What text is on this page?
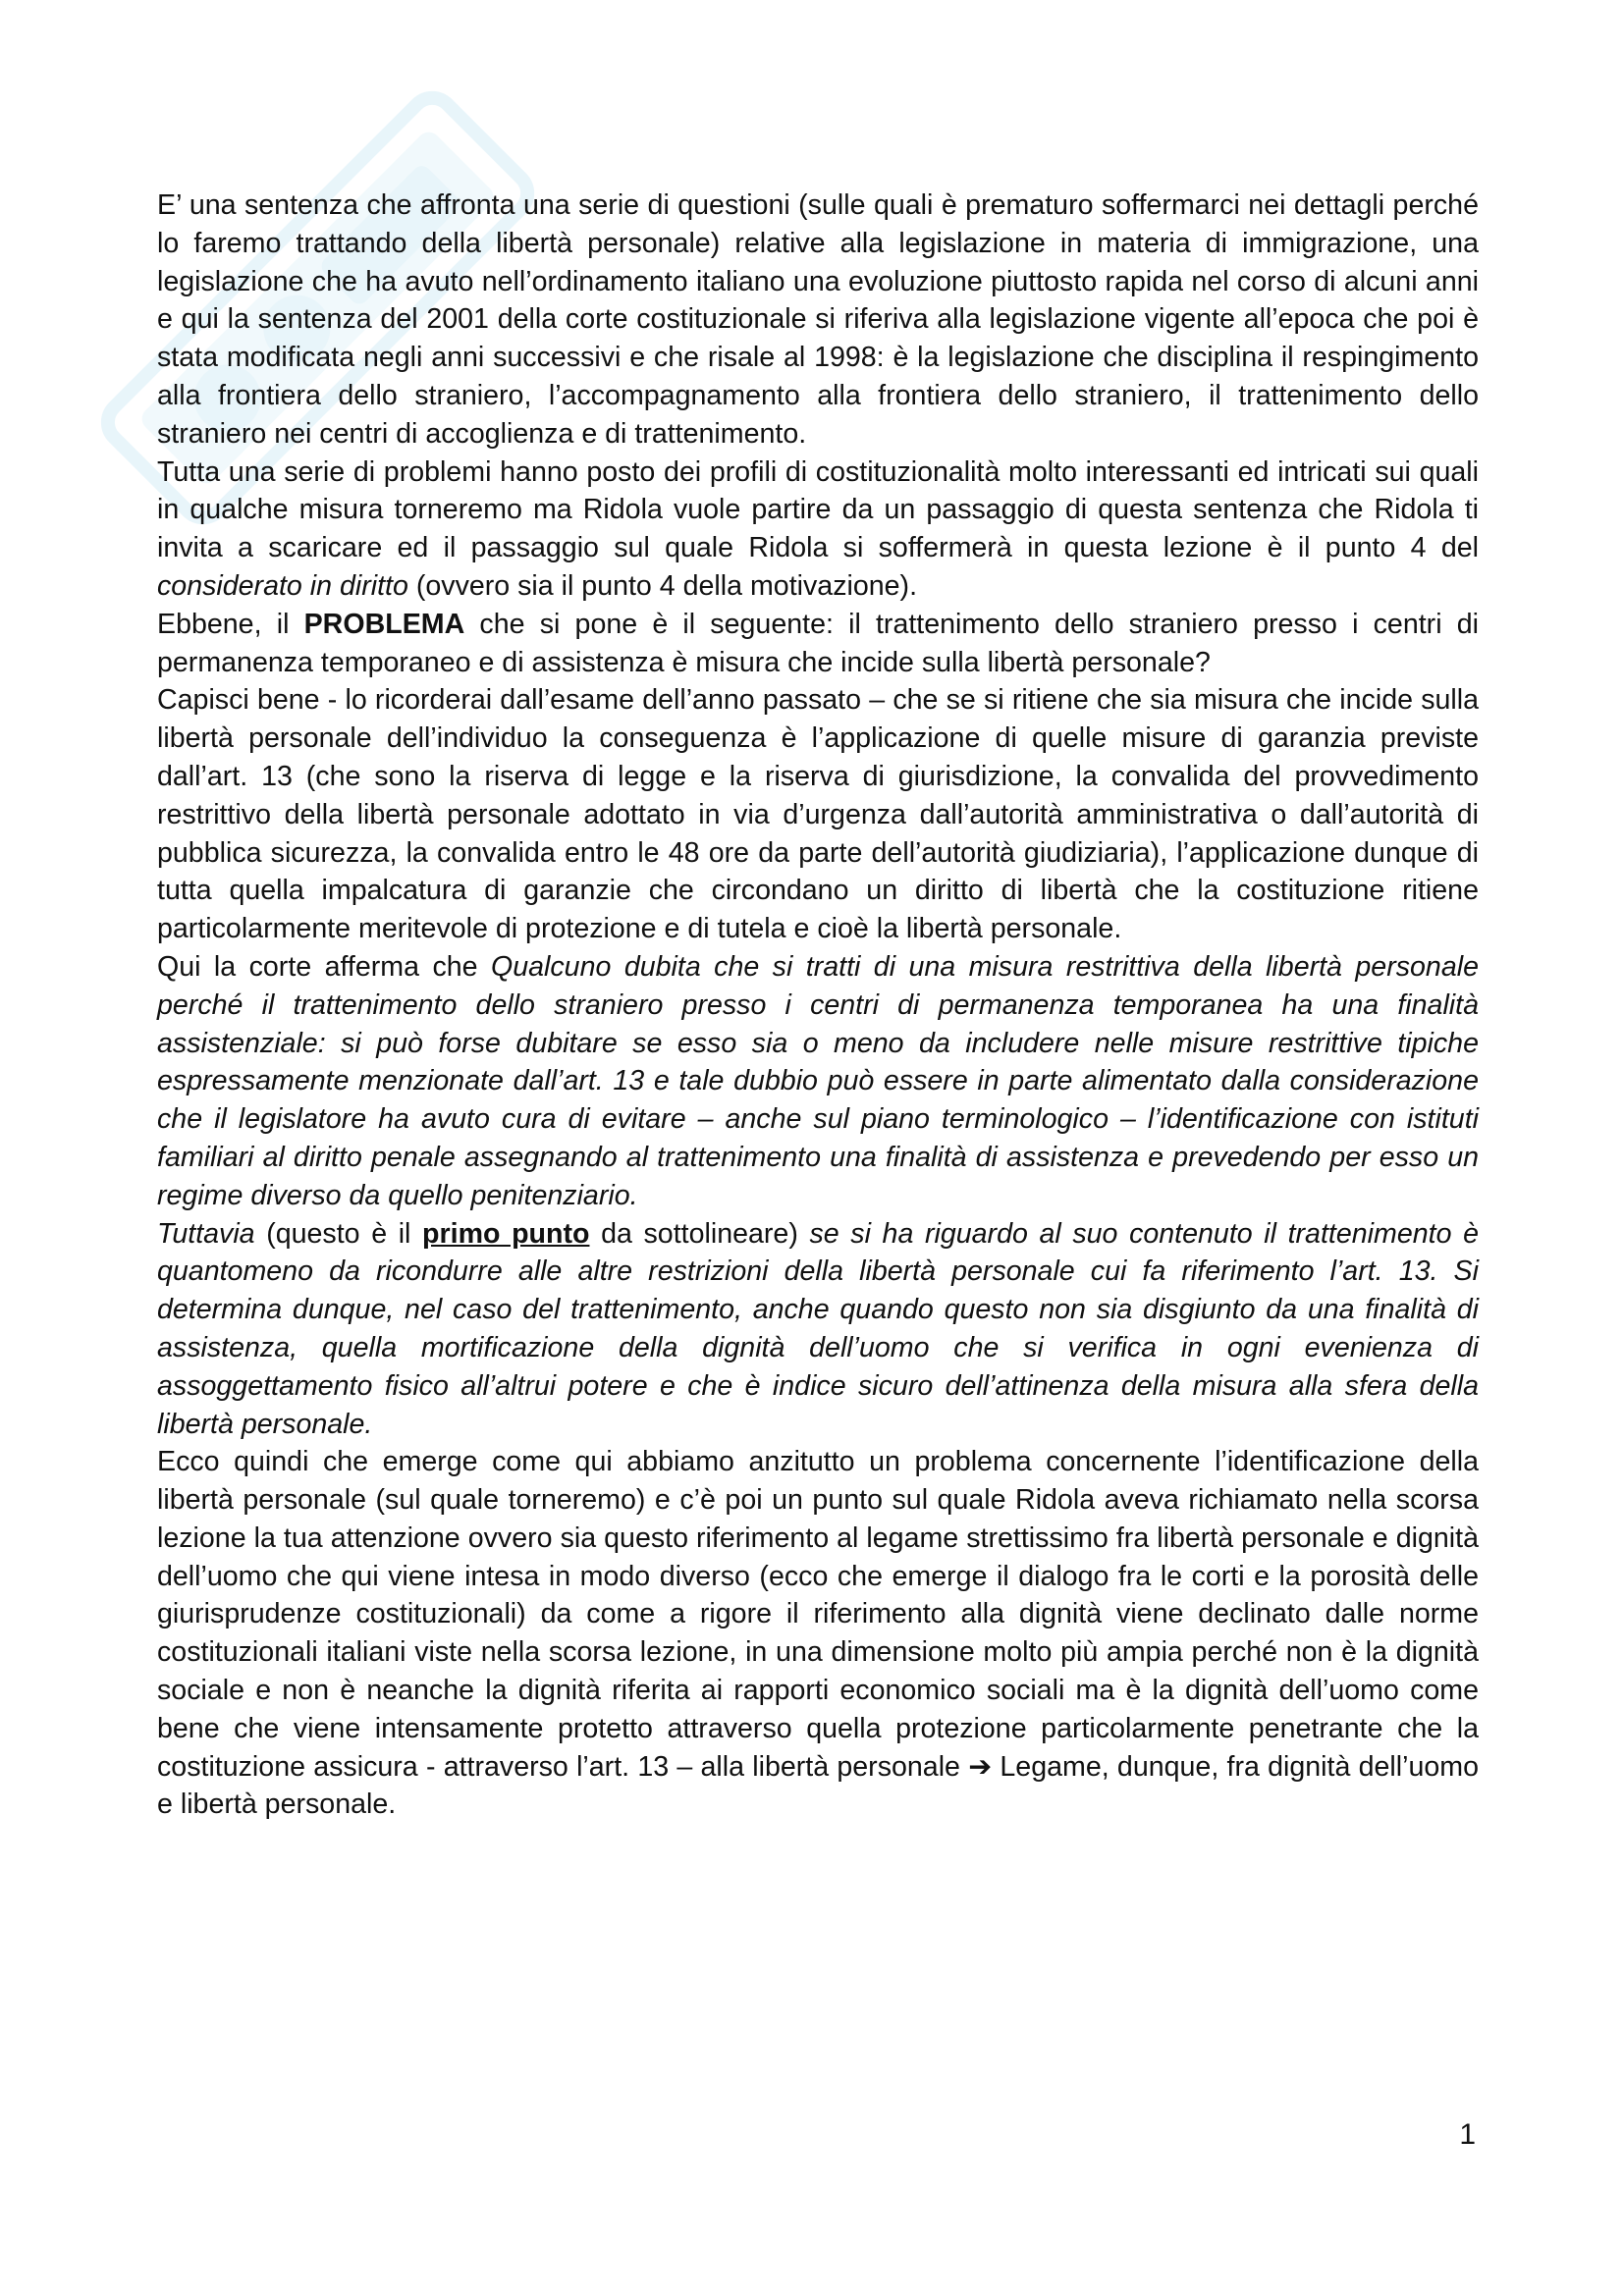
E’ una sentenza che affronta una serie di questioni (sulle quali è prematuro soffermarci nei dettagli perché lo faremo trattando della libertà personale) relative alla legislazione in materia di immigrazione, una legislazione che ha avuto nell’ordinamento italiano una evoluzione piuttosto rapida nel corso di alcuni anni e qui la sentenza del 2001 della corte costituzionale si riferiva alla legislazione vigente all’epoca che poi è stata modificata negli anni successivi e che risale al 1998: è la legislazione che disciplina il respingimento alla frontiera dello straniero, l’accompagnamento alla frontiera dello straniero, il trattenimento dello straniero nei centri di accoglienza e di trattenimento.

Tutta una serie di problemi hanno posto dei profili di costituzionalità molto interessanti ed intricati sui quali in qualche misura torneremo ma Ridola vuole partire da un passaggio di questa sentenza che Ridola ti invita a scaricare ed il passaggio sul quale Ridola si soffermerà in questa lezione è il punto 4 del considerato in diritto (ovvero sia il punto 4 della motivazione).

Ebbene, il PROBLEMA che si pone è il seguente: il trattenimento dello straniero presso i centri di permanenza temporaneo e di assistenza è misura che incide sulla libertà personale?

Capisci bene - lo ricorderai dall’esame dell’anno passato – che se si ritiene che sia misura che incide sulla libertà personale dell’individuo la conseguenza è l’applicazione di quelle misure di garanzia previste dall’art. 13 (che sono la riserva di legge e la riserva di giurisdizione, la convalida del provvedimento restrittivo della libertà personale adottato in via d’urgenza dall’autorità amministrativa o dall’autorità di pubblica sicurezza, la convalida entro le 48 ore da parte dell’autorità giudiziaria), l’applicazione dunque di tutta quella impalcatura di garanzie che circondano un diritto di libertà che la costituzione ritiene particolarmente meritevole di protezione e di tutela e cioè la libertà personale.

Qui la corte afferma che Qualcuno dubita che si tratti di una misura restrittiva della libertà personale perché il trattenimento dello straniero presso i centri di permanenza temporanea ha una finalità assistenziale: si può forse dubitare se esso sia o meno da includere nelle misure restrittive tipiche espressamente menzionate dall’art. 13 e tale dubbio può essere in parte alimentato dalla considerazione che il legislatore ha avuto cura di evitare – anche sul piano terminologico – l’identificazione con istituti familiari al diritto penale assegnando al trattenimento una finalità di assistenza e prevedendo per esso un regime diverso da quello penitenziario.

Tuttavia (questo è il primo punto da sottolineare) se si ha riguardo al suo contenuto il trattenimento è quantomeno da ricondurre alle altre restrizioni della libertà personale cui fa riferimento l’art. 13. Si determina dunque, nel caso del trattenimento, anche quando questo non sia disgiunto da una finalità di assistenza, quella mortificazione della dignità dell’uomo che si verifica in ogni evenienza di assoggettamento fisico all’altrui potere e che è indice sicuro dell’attinenza della misura alla sfera della libertà personale.

Ecco quindi che emerge come qui abbiamo anzitutto un problema concernente l’identificazione della libertà personale (sul quale torneremo) e c’è poi un punto sul quale Ridola aveva richiamato nella scorsa lezione la tua attenzione ovvero sia questo riferimento al legame strettissimo fra libertà personale e dignità dell’uomo che qui viene intesa in modo diverso (ecco che emerge il dialogo fra le corti e la porosità delle giurisprudenze costituzionali) da come a rigore il riferimento alla dignità viene declinato dalle norme costituzionali italiani viste nella scorsa lezione, in una dimensione molto più ampia perché non è la dignità sociale e non è neanche la dignità riferita ai rapporti economico sociali ma è la dignità dell’uomo come bene che viene intensamente protetto attraverso quella protezione particolarmente penetrante che la costituzione assicura - attraverso l’art. 13 – alla libertà personale ➔ Legame, dunque, fra dignità dell’uomo e libertà personale.

1
